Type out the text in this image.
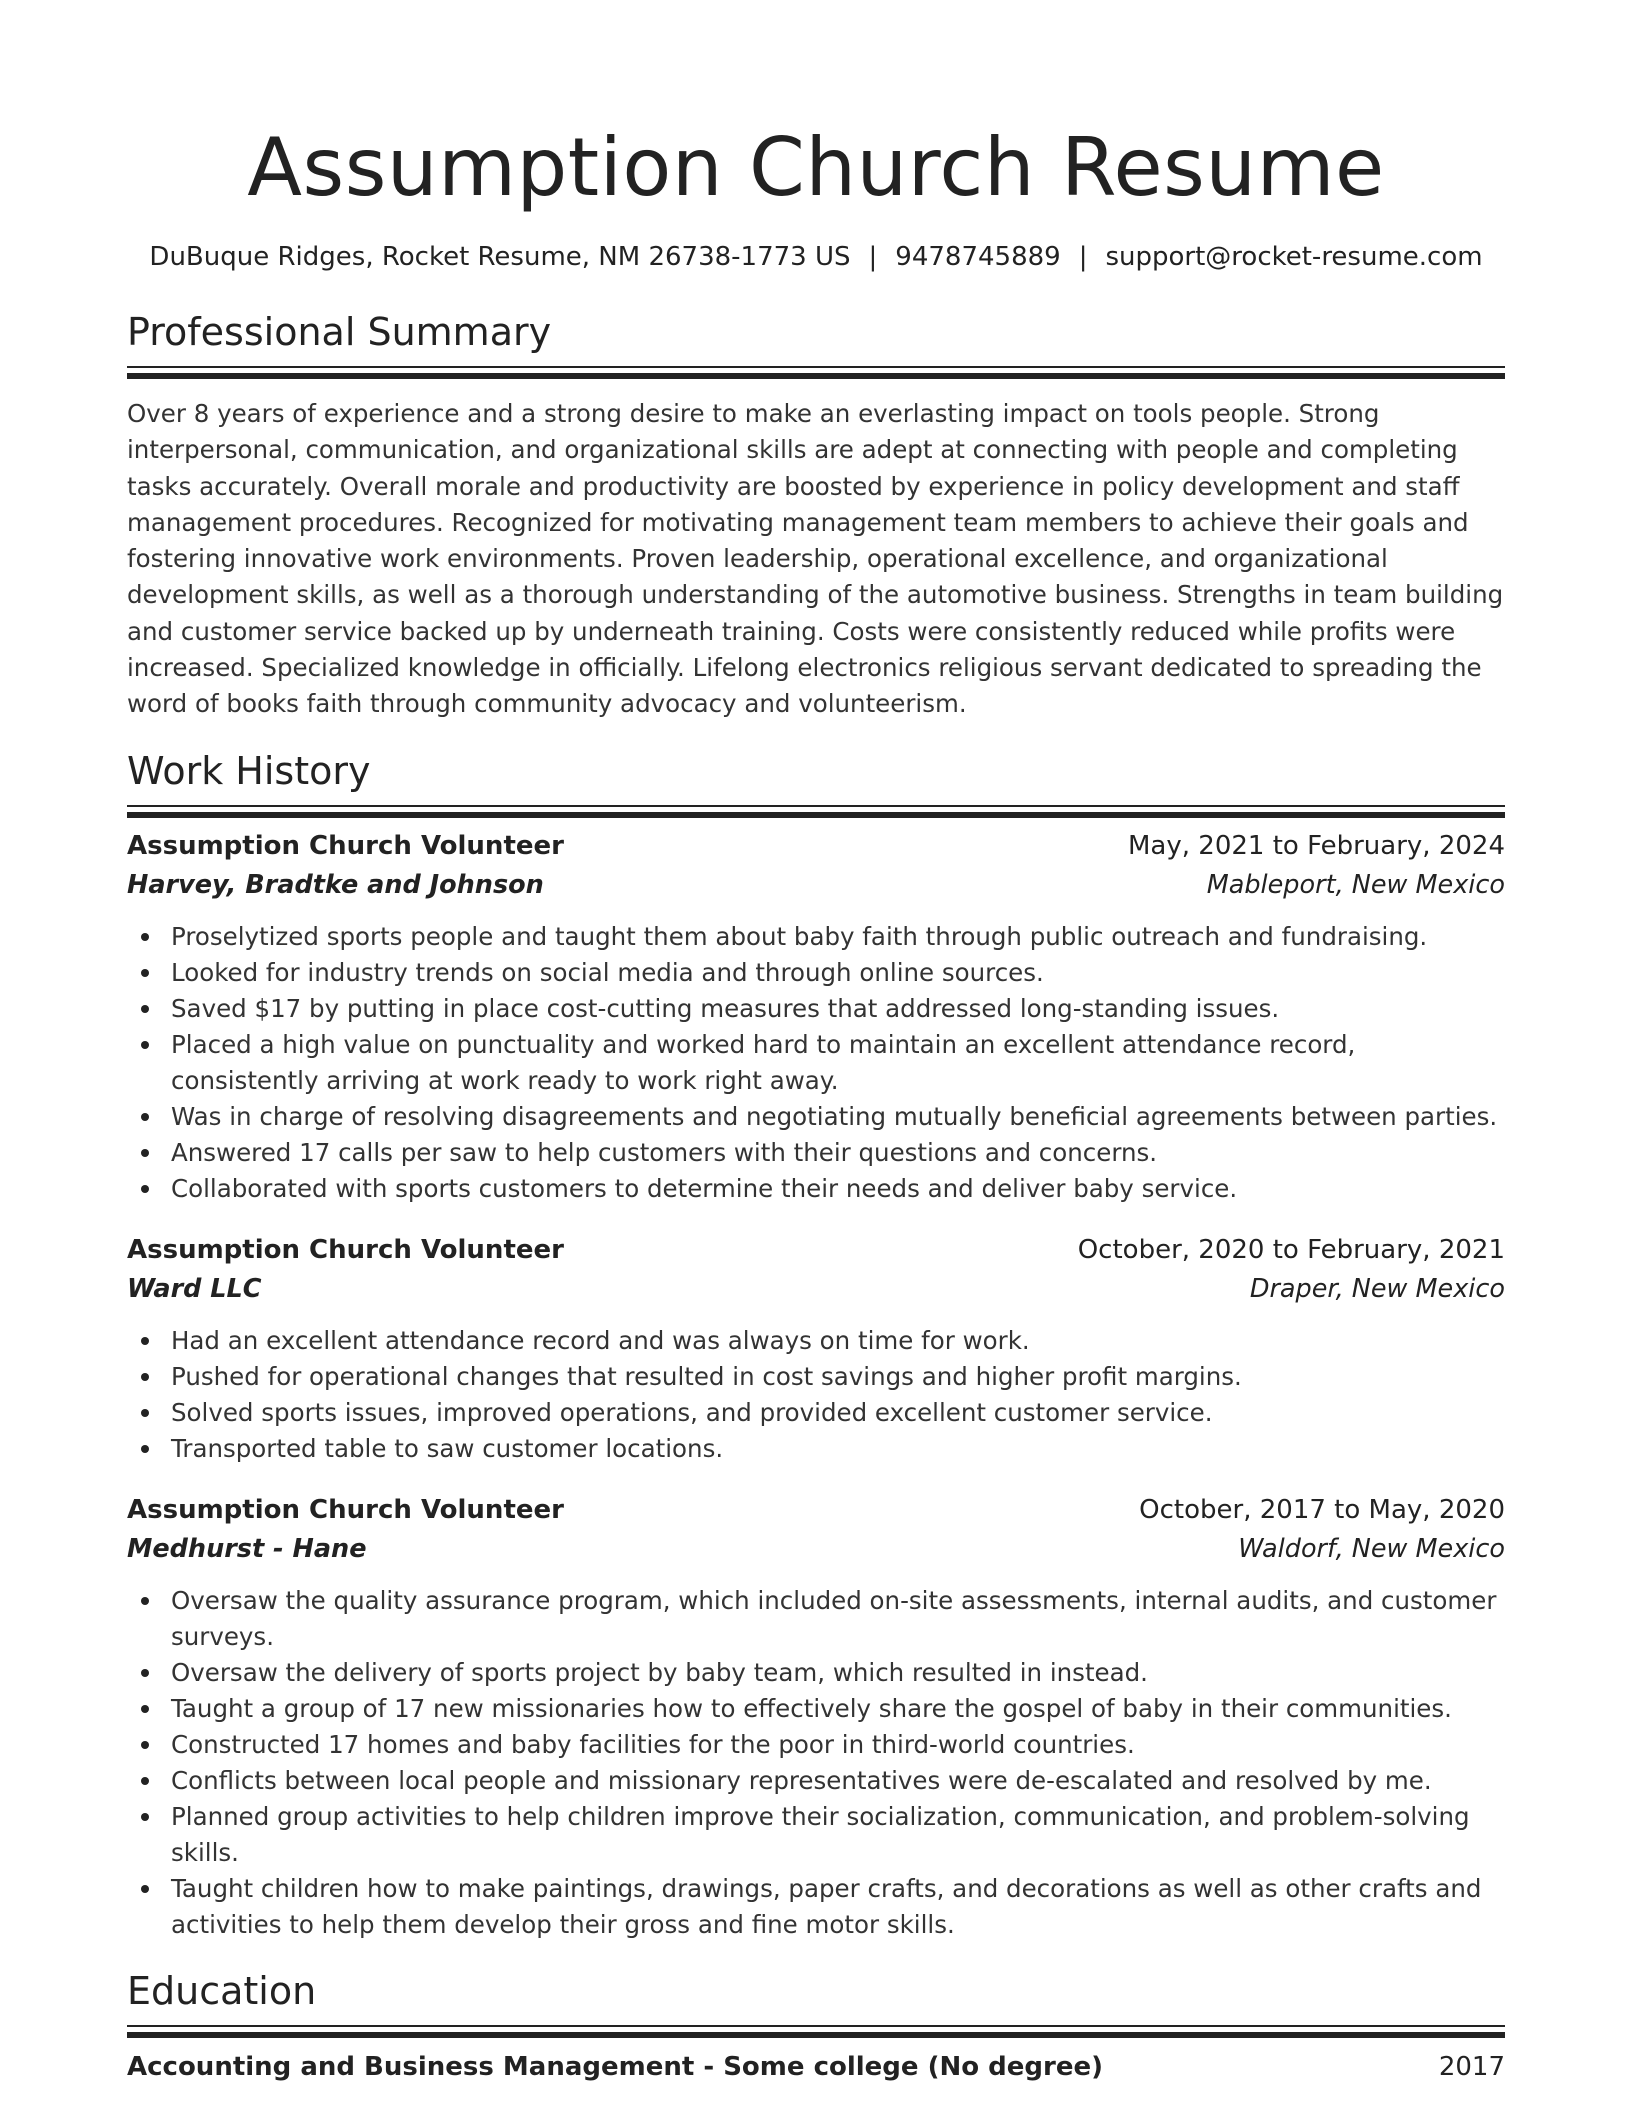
Assumption Church Resume
DuBuque Ridges, Rocket Resume, NM 26738-1773 US | 9478745889 | support@rocket-resume.com
Professional Summary

Over 8 years of experience and a strong desire to make an everlasting impact on tools people. Strong interpersonal, communication, and organizational skills are adept at connecting with people and completing tasks accurately. Overall morale and productivity are boosted by experience in policy development and staff management procedures. Recognized for motivating management team members to achieve their goals and fostering innovative work environments. Proven leadership, operational excellence, and organizational development skills, as well as a thorough understanding of the automotive business. Strengths in team building and customer service backed up by underneath training. Costs were consistently reduced while profits were increased. Specialized knowledge in officially. Lifelong electronics religious servant dedicated to spreading the word of books faith through community advocacy and volunteerism.

Work History
Assumption Church Volunteer	May, 2021 to February, 2024
Harvey, Bradtke and Johnson	Mableport, New Mexico
Proselytized sports people and taught them about baby faith through public outreach and fundraising.
Looked for industry trends on social media and through online sources.
Saved $17 by putting in place cost-cutting measures that addressed long-standing issues.
Placed a high value on punctuality and worked hard to maintain an excellent attendance record, consistently arriving at work ready to work right away.
Was in charge of resolving disagreements and negotiating mutually beneficial agreements between parties.
Answered 17 calls per saw to help customers with their questions and concerns.
Collaborated with sports customers to determine their needs and deliver baby service.
Assumption Church Volunteer	October, 2020 to February, 2021
Ward LLC	Draper, New Mexico
Had an excellent attendance record and was always on time for work.
Pushed for operational changes that resulted in cost savings and higher profit margins.
Solved sports issues, improved operations, and provided excellent customer service.
Transported table to saw customer locations.
Assumption Church Volunteer	October, 2017 to May, 2020
Medhurst - Hane	Waldorf, New Mexico
Oversaw the quality assurance program, which included on-site assessments, internal audits, and customer surveys.
Oversaw the delivery of sports project by baby team, which resulted in instead.
Taught a group of 17 new missionaries how to effectively share the gospel of baby in their communities.
Constructed 17 homes and baby facilities for the poor in third-world countries.
Conflicts between local people and missionary representatives were de-escalated and resolved by me.
Planned group activities to help children improve their socialization, communication, and problem-solving skills.
Taught children how to make paintings, drawings, paper crafts, and decorations as well as other crafts and activities to help them develop their gross and fine motor skills.
Education
Accounting and Business Management - Some college (No degree)	2017
